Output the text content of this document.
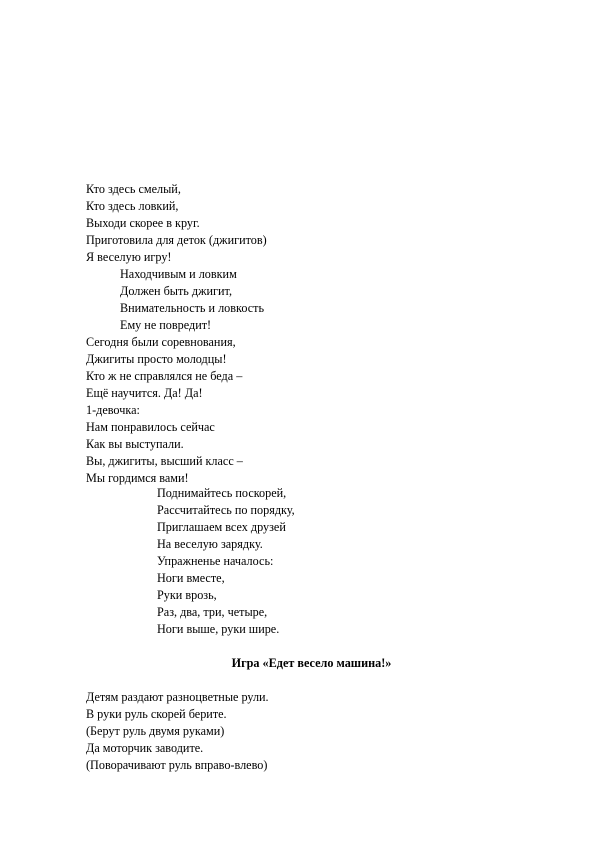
Кто здесь смелый,
Кто здесь ловкий,
Выходи скорее в круг.
Приготовила для деток (джигитов)
Я веселую игру!
Находчивым и ловким
Должен быть джигит,
Внимательность и ловкость
Ему не повредит!
Сегодня были соревнования,
Джигиты просто молодцы!
Кто ж не справлялся не беда –
Ещё научится. Да! Да!
1-девочка:
Нам понравилось сейчас
Как вы выступали.
Вы, джигиты, высший класс –
Мы гордимся вами!
Поднимайтесь поскорей,
Рассчитайтесь по порядку,
Приглашаем всех друзей
На веселую зарядку.
Упражненье началось:
Ноги вместе,
Руки врозь,
Раз, два, три, четыре,
Ноги выше, руки шире.
Игра «Едет весело машина!»
Детям раздают разноцветные рули.
В руки руль скорей берите.
(Берут руль двумя руками)
Да моторчик заводите.
(Поворачивают руль вправо-влево)
